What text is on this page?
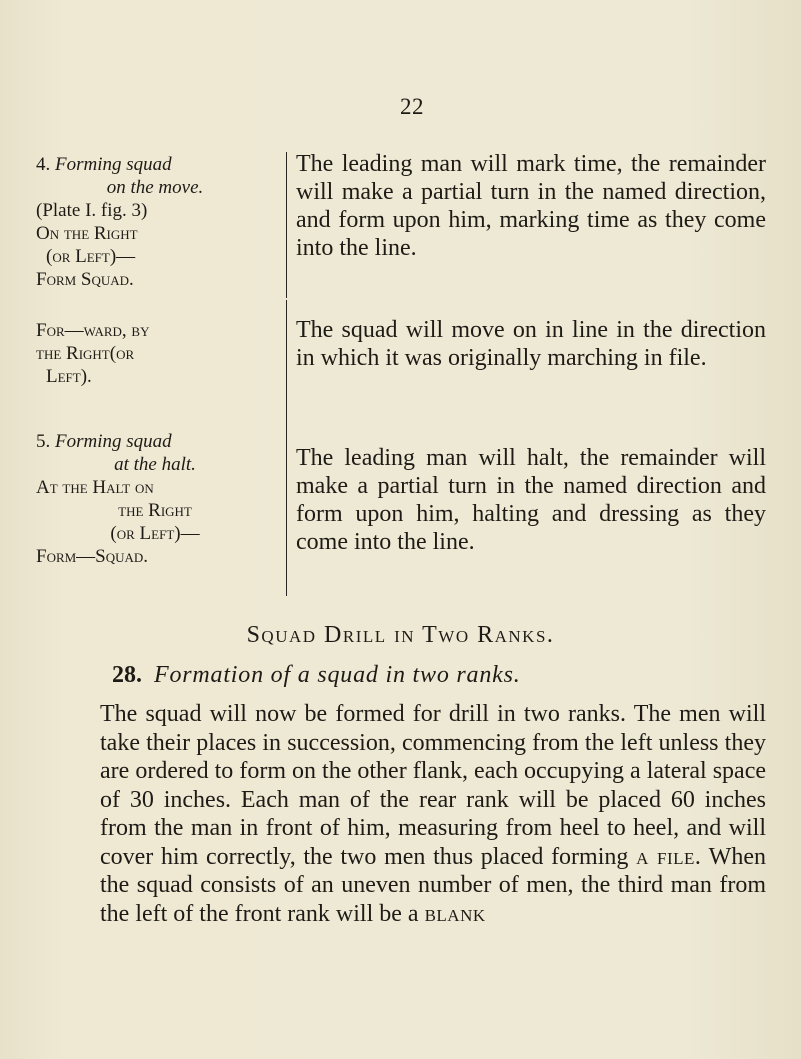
22
4. Forming squad
on the move.
(Plate I. fig. 3)
On the Right
(or Left)—
Form Squad.
The leading man will mark time, the remainder will make a partial turn in the named direction, and form upon him, marking time as they come into the line.
For—ward, by
the Right(or
Left).
The squad will move on in line in the direction in which it was originally marching in file.
5. Forming squad
at the halt.
At the Halt on
the Right
(or Left)—
Form—Squad.
The leading man will halt, the remainder will make a partial turn in the named direction and form upon him, halting and dressing as they come into the line.
Squad Drill in Two Ranks.
28. Formation of a squad in two ranks.
The squad will now be formed for drill in two ranks. The men will take their places in succession, commencing from the left unless they are ordered to form on the other flank, each occupying a lateral space of 30 inches. Each man of the rear rank will be placed 60 inches from the man in front of him, measuring from heel to heel, and will cover him correctly, the two men thus placed forming a file. When the squad consists of an uneven number of men, the third man from the left of the front rank will be a blank
